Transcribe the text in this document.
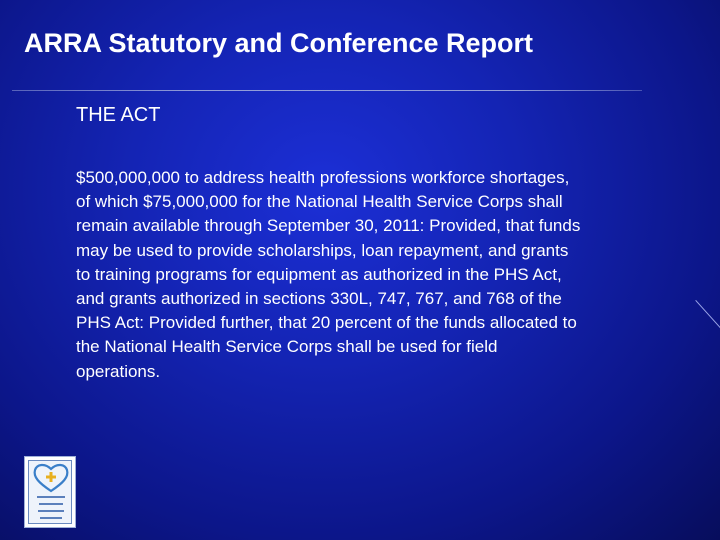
ARRA Statutory and Conference Report
THE ACT
$500,000,000 to address health professions workforce shortages,
of which $75,000,000 for the National Health Service Corps shall
remain available through September 30, 2011: Provided, that funds
may be used to provide scholarships, loan repayment, and grants
to training programs for equipment as authorized in the PHS Act,
and grants authorized in sections 330L, 747, 767, and 768 of the
PHS Act: Provided further, that 20 percent of the funds allocated to
the National Health Service Corps shall be used for field
operations.
